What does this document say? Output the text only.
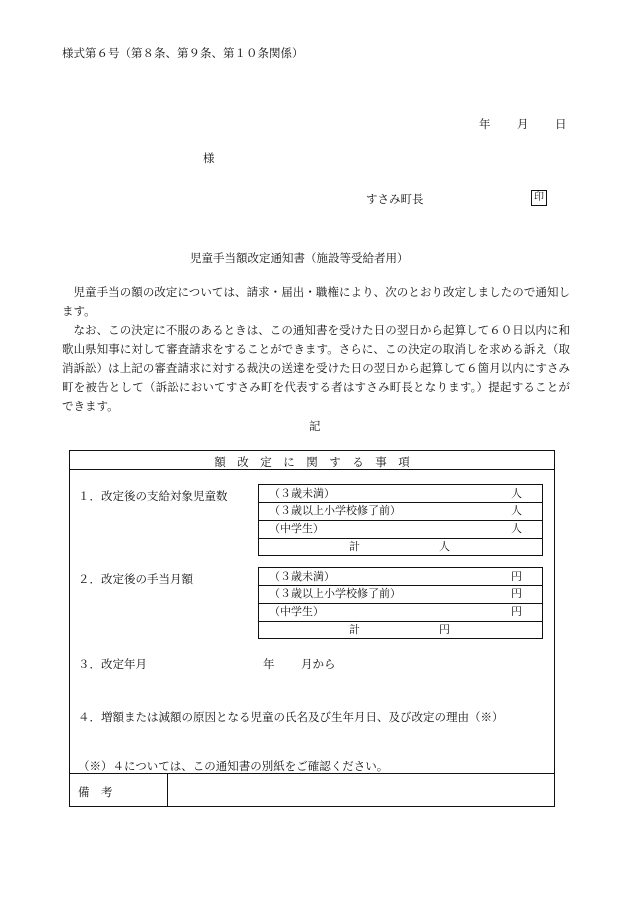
様式第６号（第８条、第９条、第１０条関係）
年 月 日
様
すさみ町長	印
児童手当額改定通知書（施設等受給者用）

児童手当の額の改定については、請求・届出・職権により、次のとおり改定しましたので通知します。

なお、この決定に不服のあるときは、この通知書を受けた日の翌日から起算して６０日以内に和歌山県知事に対して審査請求をすることができます。さらに、この決定の取消しを求める訴え（取消訴訟）は上記の審査請求に対する裁決の送達を受けた日の翌日から起算して６箇月以内にすさみ町を被告として（訴訟においてすさみ町を代表する者はすさみ町長となります。）提起することができます。

記
額　改　定　に　関　す　る　事　項
１．改定後の支給対象児童数	（３歳未満）	人
（３歳以上小学校修了前）	人
（中学生）	人
計	人
２．改定後の手当月額	（３歳未満）	円
（３歳以上小学校修了前）	円
（中学生）	円
計	円
３．改定年月	年 月から
４．増額または減額の原因となる児童の氏名及び生年月日、及び改定の理由（※）
（※）４については、この通知書の別紙をご確認ください。
備　考
